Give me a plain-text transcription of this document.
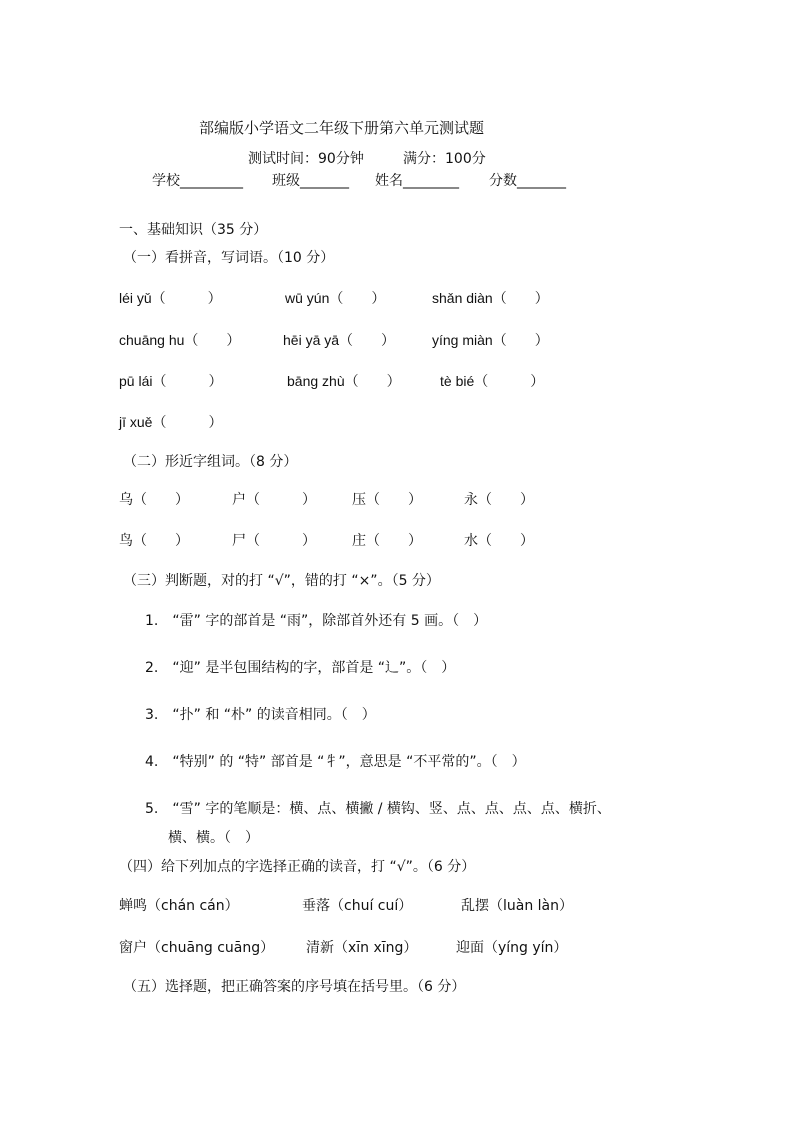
部编版小学语文二年级下册第六单元测试题
测试时间：90分钟	满分：100分
学校_________ 班级_______ 姓名________ 分数_______
一、基础知识（35 分）
（一）看拼音，写词语。（10 分）
léi yǔ（　　　）	wū yún（　　）	shǎn diàn（　　）
chuāng hu（　　）	hēi yā yā（　　）	yíng miàn（　　）
pū lái（　　　）	bāng zhù（　　）	tè bié（　　　）
jī xuě（　　　）
（二）形近字组词。（8 分）
乌（　　）	户（　　　）	压（　　）	永（　　）
鸟（　　）	尸（　　　）	庄（　　）	水（　　）
（三）判断题，对的打 “√”，错的打 “×”。（5 分）
1.　“雷” 字的部首是 “雨”，除部首外还有 5 画。（　）
2.　“迎” 是半包围结构的字，部首是 “辶”。（　）
3.　“扑” 和 “朴” 的读音相同。（　）
4.　“特别” 的 “特” 部首是 “牜”，意思是 “不平常的”。（　）
5.　“雪” 字的笔顺是：横、点、横撇 / 横钩、竖、点、点、点、点、横折、
横、横。（　）
（四）给下列加点的字选择正确的读音，打 “√”。（6 分）
蝉鸣（chán cán）	垂落（chuí cuí）	乱摆（luàn làn）
窗户（chuāng cuāng） 清新（xīn xīng）	迎面（yíng yín）
（五）选择题，把正确答案的序号填在括号里。（6 分）
